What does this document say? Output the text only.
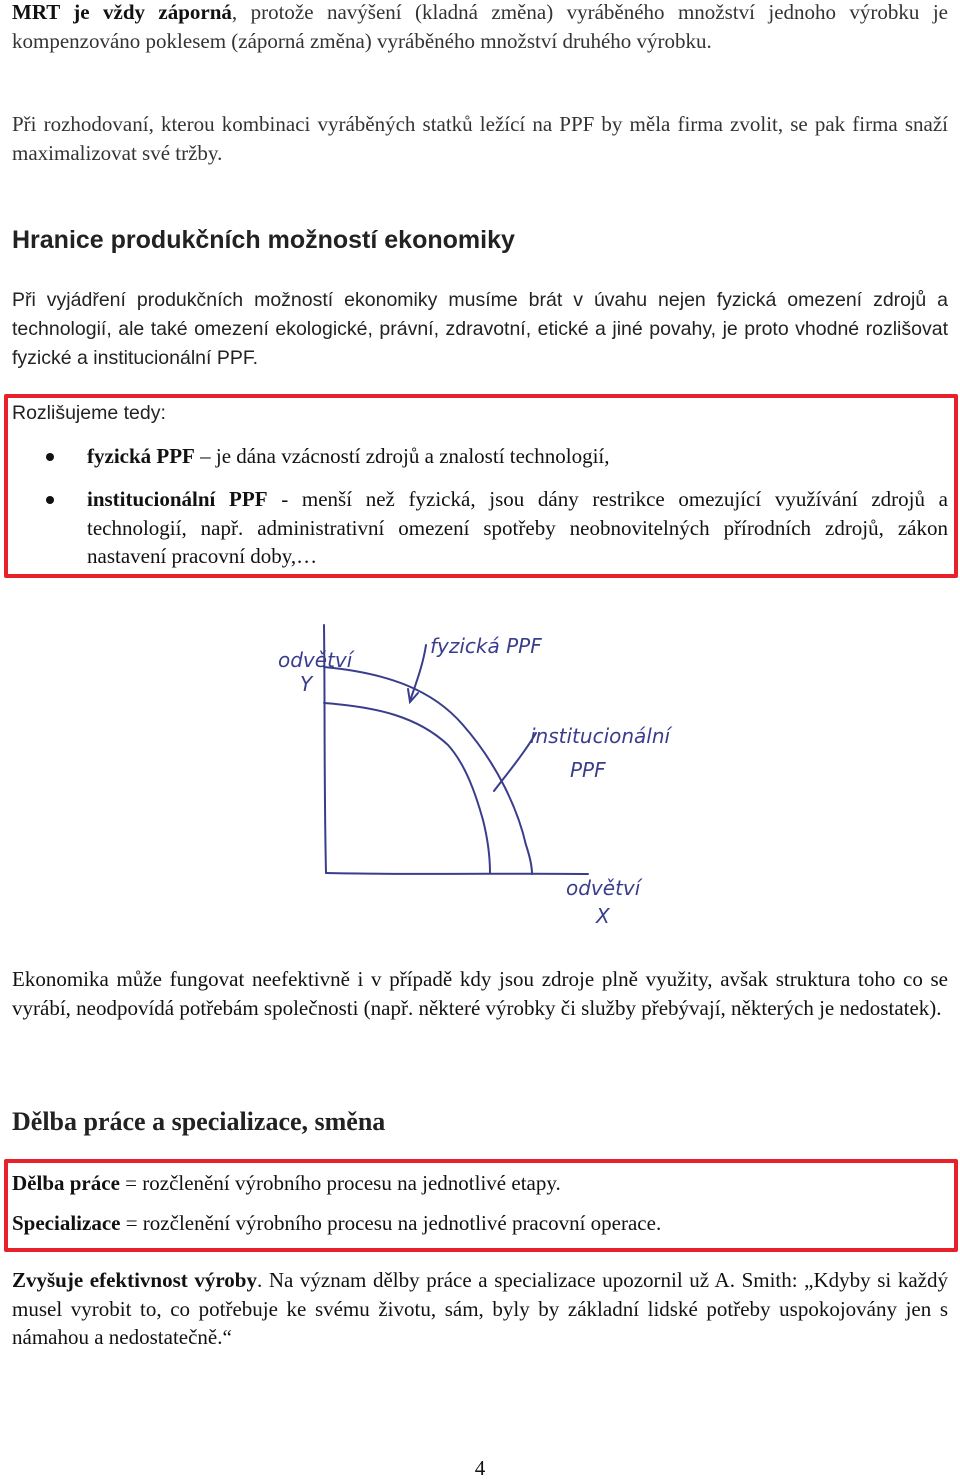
MRT je vždy záporná, protože navýšení (kladná změna) vyráběného množství jednoho výrobku je kompenzováno poklesem (záporná změna) vyráběného množství druhého výrobku.

Při rozhodovaní, kterou kombinaci vyráběných statků ležící na PPF by měla firma zvolit, se pak firma snaží maximalizovat své tržby.

Hranice produkčních možností ekonomiky

Při vyjádření produkčních možností ekonomiky musíme brát v úvahu nejen fyzická omezení zdrojů a technologií, ale také omezení ekologické, právní, zdravotní, etické a jiné povahy, je proto vhodné rozlišovat fyzické a institucionální PPF.

Rozlišujeme tedy:

fyzická PPF – je dána vzácností zdrojů a znalostí technologií,
institucionální PPF - menší než fyzická, jsou dány restrikce omezující využívání zdrojů a technologií, např. administrativní omezení spotřeby neobnovitelných přírodních zdrojů, zákon nastavení pracovní doby,…
odvětví
Y
fyzická PPF
institucionální
PPF
odvětví
X

Ekonomika může fungovat neefektivně i v případě kdy jsou zdroje plně využity, avšak struktura toho co se vyrábí, neodpovídá potřebám společnosti (např. některé výrobky či služby přebývají, některých je nedostatek).

Dělba práce a specializace, směna

Dělba práce = rozčlenění výrobního procesu na jednotlivé etapy.

Specializace = rozčlenění výrobního procesu na jednotlivé pracovní operace.

Zvyšuje efektivnost výroby. Na význam dělby práce a specializace upozornil už A. Smith: „Kdyby si každý musel vyrobit to, co potřebuje ke svému životu, sám, byly by základní lidské potřeby uspokojovány jen s námahou a nedostatečně.“

4
